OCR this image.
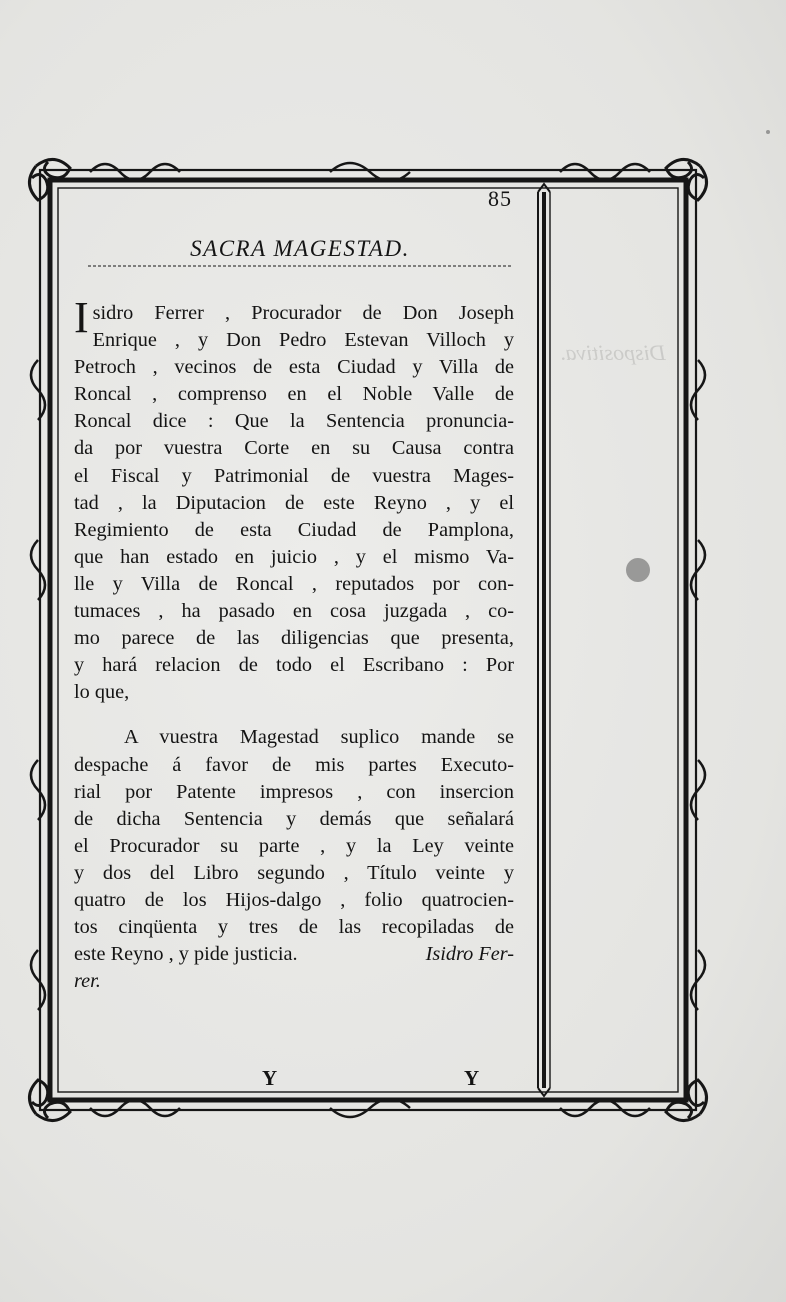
Dispositiva.
85
SACRA MAGESTAD.
I sidro Ferrer , Procurador de Don Joseph
Enrique , y Don Pedro Estevan Villoch y
Petroch , vecinos de esta Ciudad y Villa de
Roncal , comprenso en el Noble Valle de
Roncal dice : Que la Sentencia pronuncia-
da por vuestra Corte en su Causa contra
el Fiscal y Patrimonial de vuestra Mages-
tad , la Diputacion de este Reyno , y el
Regimiento de esta Ciudad de Pamplona,
que han estado en juicio , y el mismo Va-
lle y Villa de Roncal , reputados por con-
tumaces , ha pasado en cosa juzgada , co-
mo parece de las diligencias que presenta,
y hará relacion de todo el Escribano : Por
lo que,
A vuestra Magestad suplico mande se
despache á favor de mis partes Executo-
rial por Patente impresos , con insercion
de dicha Sentencia y demás que señalará
el Procurador su parte , y la Ley veinte
y dos del Libro segundo , Título veinte y
quatro de los Hijos-dalgo , folio quatrocien-
tos cinqüenta y tres de las recopiladas de
este Reyno , y pide justicia.	Isidro Fer-
rer.
Y	Y
